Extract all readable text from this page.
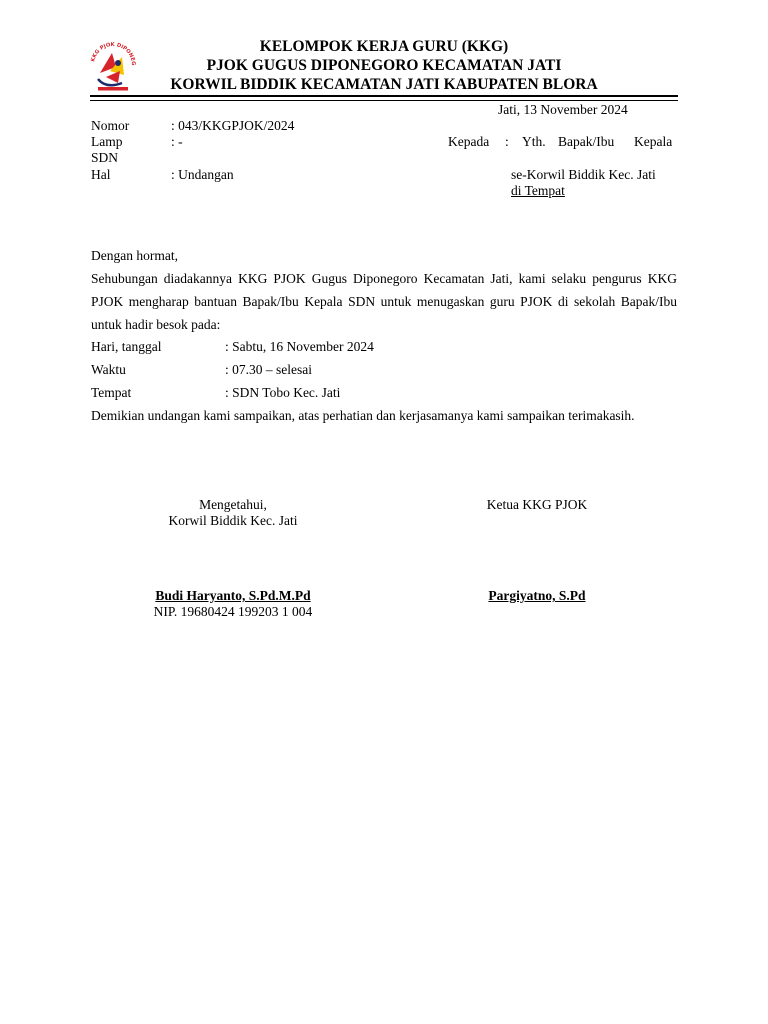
KKG PJOK DIPONEG
KELOMPOK KERJA GURU (KKG)
PJOK GUGUS DIPONEGORO KECAMATAN JATI
KORWIL BIDDIK KECAMATAN JATI KABUPATEN BLORA
Jati, 13 November 2024
Nomor	: 043/KKGPJOK/2024
Lamp	: -
SDN
Hal	: Undangan
Kepada : Yth. Bapak/Ibu Kepala
se-Korwil Biddik Kec. Jati
di Tempat
Dengan hormat,
Sehubungan diadakannya KKG PJOK Gugus Diponegoro Kecamatan Jati, kami selaku pengurus KKG PJOK mengharap bantuan Bapak/Ibu Kepala SDN untuk menugaskan guru PJOK di sekolah Bapak/Ibu untuk hadir besok pada:
Hari, tanggal	: Sabtu, 16 November 2024
Waktu	: 07.30 – selesai
Tempat	: SDN Tobo Kec. Jati
Demikian undangan kami sampaikan, atas perhatian dan kerjasamanya kami sampaikan terimakasih.
Mengetahui,
Korwil Biddik Kec. Jati
Ketua KKG PJOK
Budi Haryanto, S.Pd.M.Pd
NIP. 19680424 199203 1 004
Pargiyatno, S.Pd
